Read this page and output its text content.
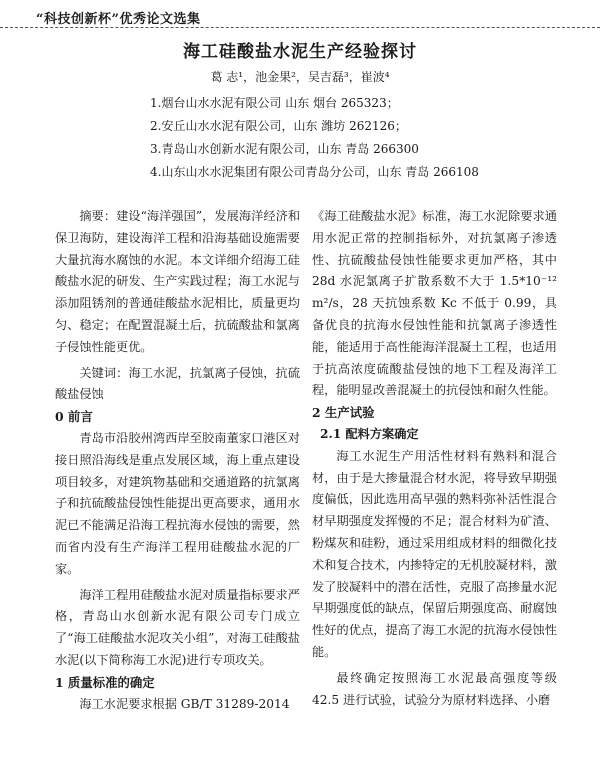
“科技创新杯”优秀论文选集
海工硅酸盐水泥生产经验探讨
葛 志¹，池金果²，吴吉磊³，崔波⁴
1.烟台山水水泥有限公司 山东 烟台 265323；
2.安丘山水水泥有限公司，山东 潍坊 262126；
3.青岛山水创新水泥有限公司，山东 青岛 266300
4.山东山水水泥集团有限公司青岛分公司，山东 青岛 266108

摘要：建设“海洋强国”，发展海洋经济和保卫海防，建设海洋工程和沿海基础设施需要大量抗海水腐蚀的水泥。本文详细介绍海工硅酸盐水泥的研发、生产实践过程；海工水泥与添加阻锈剂的普通硅酸盐水泥相比，质量更均匀、稳定；在配置混凝土后，抗硫酸盐和氯离子侵蚀性能更优。

关键词：海工水泥，抗氯离子侵蚀，抗硫酸盐侵蚀

0 前言

青岛市沿胶州湾西岸至胶南董家口港区对接日照沿海线是重点发展区域，海上重点建设项目较多，对建筑物基础和交通道路的抗氯离子和抗硫酸盐侵蚀性能提出更高要求，通用水泥已不能满足沿海工程抗海水侵蚀的需要，然而省内没有生产海洋工程用硅酸盐水泥的厂家。

海洋工程用硅酸盐水泥对质量指标要求严格，青岛山水创新水泥有限公司专门成立了“海工硅酸盐水泥攻关小组”，对海工硅酸盐水泥(以下简称海工水泥)进行专项攻关。

1 质量标准的确定

海工水泥要求根据 GB/T 31289-2014

《海工硅酸盐水泥》标准，海工水泥除要求通用水泥正常的控制指标外，对抗氯离子渗透性、抗硫酸盐侵蚀性能要求更加严格，其中28d 水泥氯离子扩散系数不大于 1.5*10⁻¹² m²/s，28 天抗蚀系数 Kc 不低于 0.99，具备优良的抗海水侵蚀性能和抗氯离子渗透性能，能适用于高性能海洋混凝土工程，也适用于抗高浓度硫酸盐侵蚀的地下工程及海洋工程，能明显改善混凝土的抗侵蚀和耐久性能。

2 生产试验
2.1 配料方案确定

海工水泥生产用活性材料有熟料和混合材，由于是大掺量混合材水泥，将导致早期强度偏低，因此选用高早强的熟料弥补活性混合材早期强度发挥慢的不足；混合材料为矿渣、粉煤灰和硅粉，通过采用组成材料的细微化技术和复合技术，内掺特定的无机胶凝材料，激发了胶凝料中的潜在活性，克服了高掺量水泥早期强度低的缺点，保留后期强度高、耐腐蚀性好的优点，提高了海工水泥的抗海水侵蚀性能。

最终确定按照海工水泥最高强度等级 42.5 进行试验，试验分为原材料选择、小磨
